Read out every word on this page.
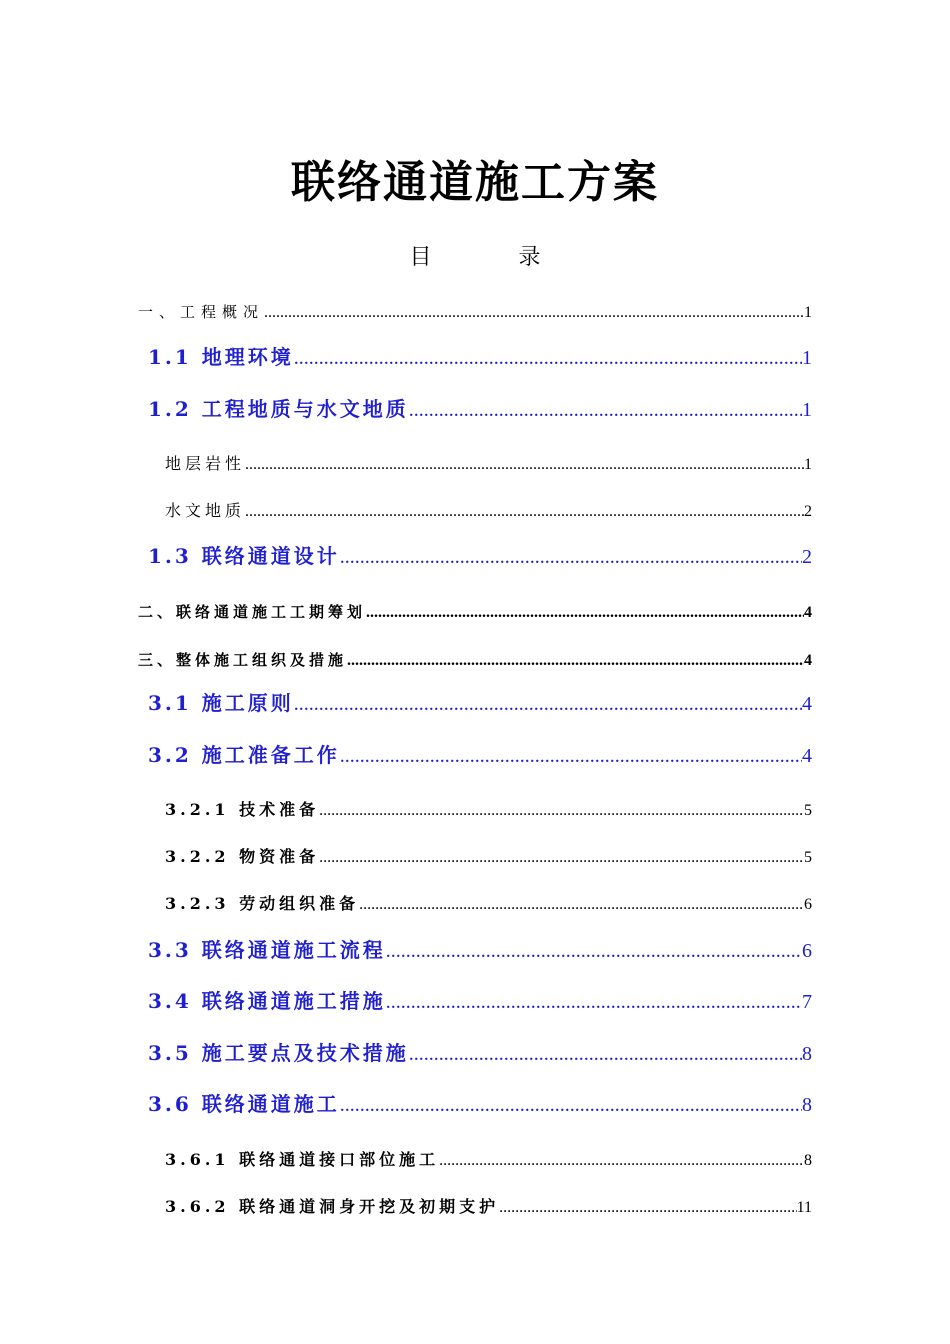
联络通道施工方案
目 录
一、工程概况 .....	1
1.1 地理环境 .....	1
1.2 工程地质与水文地质 .....	1
地层岩性 .....	1
水文地质 .....	2
1.3 联络通道设计 .....	2
二、联络通道施工工期筹划 .....	4
三、整体施工组织及措施 .....	4
3.1 施工原则 .....	4
3.2 施工准备工作 .....	4
3.2.1 技术准备 .....	5
3.2.2 物资准备 .....	5
3.2.3 劳动组织准备 .....	6
3.3 联络通道施工流程 .....	6
3.4 联络通道施工措施 .....	7
3.5 施工要点及技术措施 .....	8
3.6 联络通道施工 .....	8
3.6.1 联络通道接口部位施工 .....	8
3.6.2 联络通道洞身开挖及初期支护 .....	11
